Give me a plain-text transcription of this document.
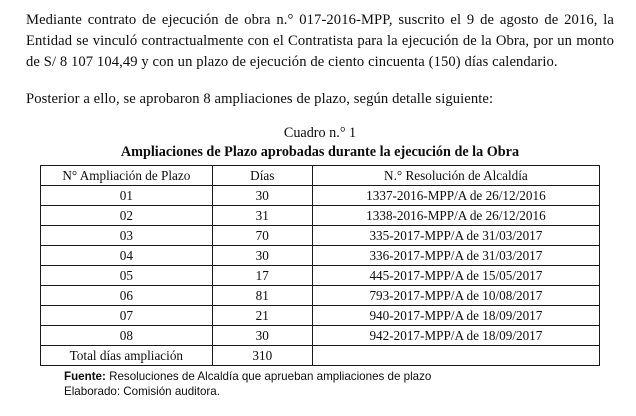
Mediante contrato de ejecución de obra n.° 017-2016-MPP, suscrito el 9 de agosto de 2016, la Entidad se vinculó contractualmente con el Contratista para la ejecución de la Obra, por un monto de S/ 8 107 104,49 y con un plazo de ejecución de ciento cincuenta (150) días calendario.

Posterior a ello, se aprobaron 8 ampliaciones de plazo, según detalle siguiente:

Cuadro n.° 1
Ampliaciones de Plazo aprobadas durante la ejecución de la Obra
N° Ampliación de Plazo	Días	N.° Resolución de Alcaldía
01	30	1337-2016-MPP/A de 26/12/2016
02	31	1338-2016-MPP/A de 26/12/2016
03	70	335-2017-MPP/A de 31/03/2017
04	30	336-2017-MPP/A de 31/03/2017
05	17	445-2017-MPP/A de 15/05/2017
06	81	793-2017-MPP/A de 10/08/2017
07	21	940-2017-MPP/A de 18/09/2017
08	30	942-2017-MPP/A de 18/09/2017
Total días ampliación	310	
Fuente: Resoluciones de Alcaldía que aprueban ampliaciones de plazo
Elaborado: Comisión auditora.
